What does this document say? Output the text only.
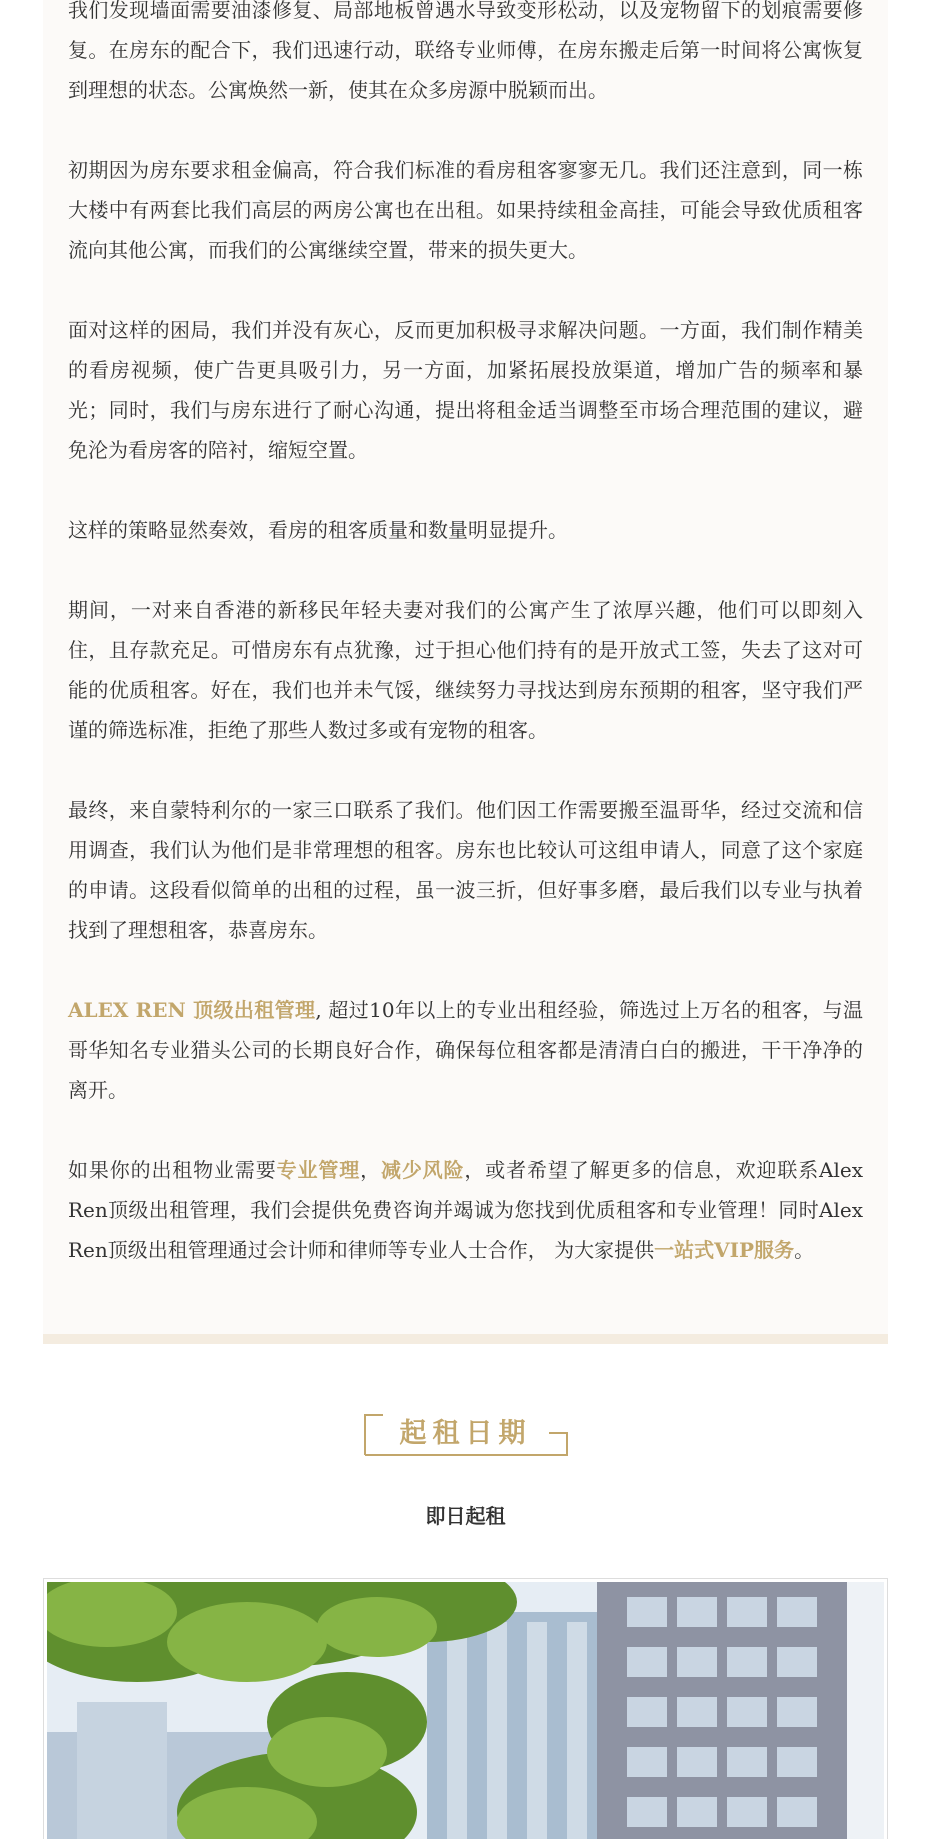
我们发现墙面需要油漆修复、局部地板曾遇水导致变形松动，以及宠物留下的划痕需要修复。在房东的配合下，我们迅速行动，联络专业师傅，在房东搬走后第一时间将公寓恢复到理想的状态。公寓焕然一新，使其在众多房源中脱颖而出。

初期因为房东要求租金偏高，符合我们标准的看房租客寥寥无几。我们还注意到，同一栋大楼中有两套比我们高层的两房公寓也在出租。如果持续租金高挂，可能会导致优质租客流向其他公寓，而我们的公寓继续空置，带来的损失更大。

面对这样的困局，我们并没有灰心，反而更加积极寻求解决问题。一方面，我们制作精美的看房视频，使广告更具吸引力，另一方面，加紧拓展投放渠道，增加广告的频率和暴光；同时，我们与房东进行了耐心沟通，提出将租金适当调整至市场合理范围的建议，避免沦为看房客的陪衬，缩短空置。

这样的策略显然奏效，看房的租客质量和数量明显提升。

期间，一对来自香港的新移民年轻夫妻对我们的公寓产生了浓厚兴趣，他们可以即刻入住，且存款充足。可惜房东有点犹豫，过于担心他们持有的是开放式工签，失去了这对可能的优质租客。好在，我们也并未气馁，继续努力寻找达到房东预期的租客，坚守我们严谨的筛选标准，拒绝了那些人数过多或有宠物的租客。

最终，来自蒙特利尔的一家三口联系了我们。他们因工作需要搬至温哥华，经过交流和信用调查，我们认为他们是非常理想的租客。房东也比较认可这组申请人，同意了这个家庭的申请。这段看似简单的出租的过程，虽一波三折，但好事多磨，最后我们以专业与执着找到了理想租客，恭喜房东。

ALEX REN 顶级出租管理, 超过10年以上的专业出租经验，筛选过上万名的租客，与温哥华知名专业猎头公司的长期良好合作，确保每位租客都是清清白白的搬进，干干净净的离开。

如果你的出租物业需要专业管理，减少风险，或者希望了解更多的信息，欢迎联系Alex Ren顶级出租管理，我们会提供免费咨询并竭诚为您找到优质租客和专业管理！同时Alex Ren顶级出租管理通过会计师和律师等专业人士合作， 为大家提供一站式VIP服务。

起租日期
即日起租
